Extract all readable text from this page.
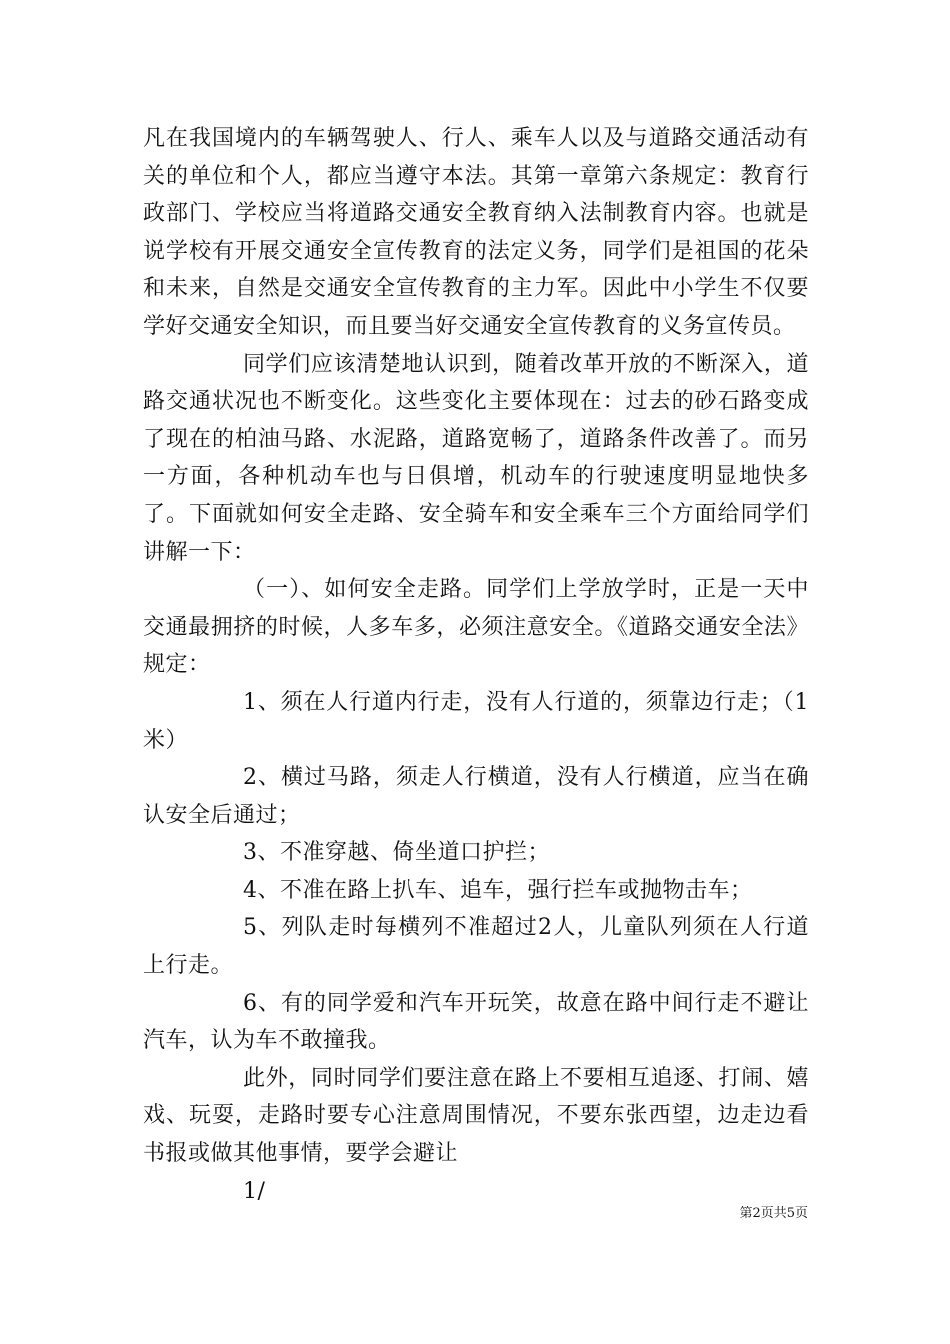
凡在我国境内的车辆驾驶人、行人、乘车人以及与道路交通活动有关的单位和个人，都应当遵守本法。其第一章第六条规定：教育行政部门、学校应当将道路交通安全教育纳入法制教育内容。也就是说学校有开展交通安全宣传教育的法定义务，同学们是祖国的花朵和未来，自然是交通安全宣传教育的主力军。因此中小学生不仅要学好交通安全知识，而且要当好交通安全宣传教育的义务宣传员。

同学们应该清楚地认识到，随着改革开放的不断深入，道路交通状况也不断变化。这些变化主要体现在：过去的砂石路变成了现在的柏油马路、水泥路，道路宽畅了，道路条件改善了。而另一方面，各种机动车也与日俱增，机动车的行驶速度明显地快多了。下面就如何安全走路、安全骑车和安全乘车三个方面给同学们讲解一下：

（一）、如何安全走路。同学们上学放学时，正是一天中交通最拥挤的时候，人多车多，必须注意安全。《道路交通安全法》规定：

1、须在人行道内行走，没有人行道的，须靠边行走；（1米）

2、横过马路，须走人行横道，没有人行横道，应当在确认安全后通过；

3、不准穿越、倚坐道口护拦；

4、不准在路上扒车、追车，强行拦车或抛物击车；

5、列队走时每横列不准超过2人，儿童队列须在人行道上行走。

6、有的同学爱和汽车开玩笑，故意在路中间行走不避让汽车，认为车不敢撞我。

此外，同时同学们要注意在路上不要相互追逐、打闹、嬉戏、玩耍，走路时要专心注意周围情况，不要东张西望，边走边看书报或做其他事情，要学会避让

1/

第2页共5页
